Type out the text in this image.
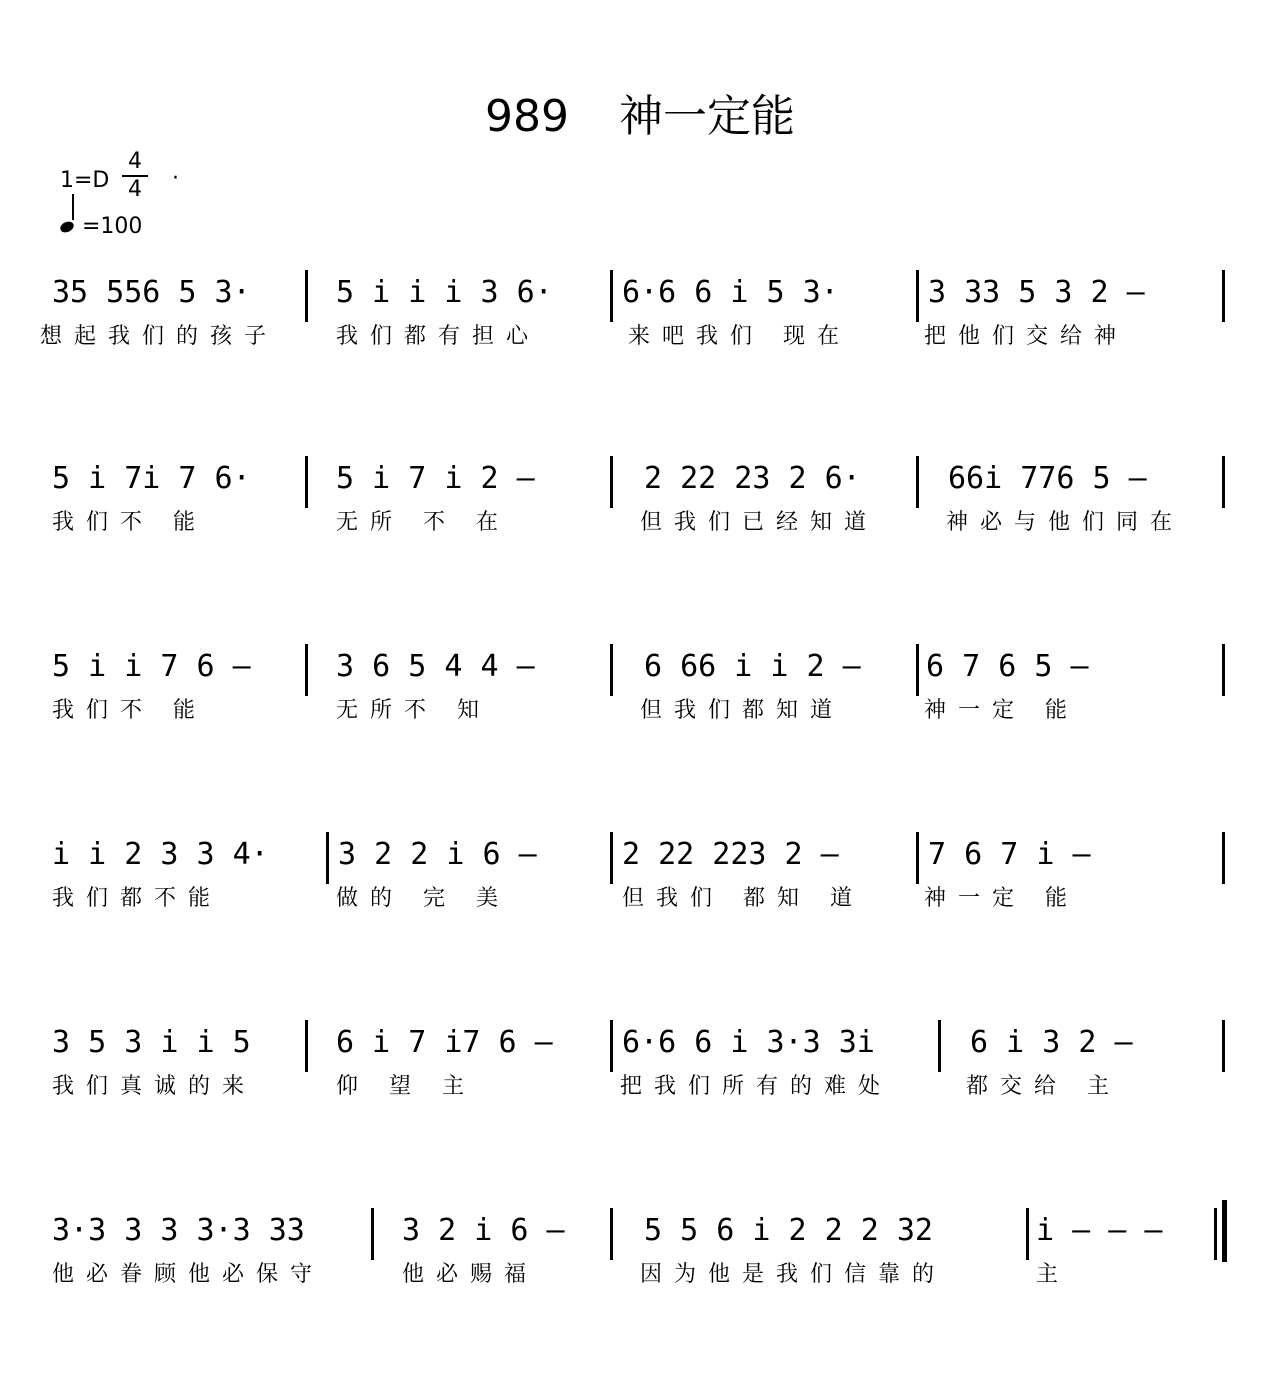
989 神一定能
1=D
4
4 ·
=100
35 556 5 3·	5 i i i 3 6· 6·6 6 i 5 3·	3 33 5 3 2 –
想起我们的孩子	我们都有担心	来吧我们 现在	把他们交给神
5 i 7i 7 6·	5 i 7 i 2 –	2 22 23 2 6·	66i 776 5 –
我们不 能	无所 不 在	但我们已经知道	神必与他们同在
5 i i 7 6 –	3 6 5 4 4 –	6 66 i i 2 – 6 7 6 5 –
我们不 能	无所不 知	但我们都知道	神一定 能
i i 2 3 3 4· 3 2 2 i 6 –	2 22 223 2 –	7 6 7 i –
我们都不能	做的 完 美	但我们 都知 道	神一定 能
3 5 3 i i 5	6 i 7 i7 6 – 6·6 6 i 3·3 3i	6 i 3 2 –
我们真诚的来	仰 望 主	把我们所有的难处	都交给 主
3·3 3 3 3·3 33	3 2 i 6 –	5 5 6 i 2 2 2 32	i – – –
他必眷顾他必保守	他必赐福	因为他是我们信靠的	主
